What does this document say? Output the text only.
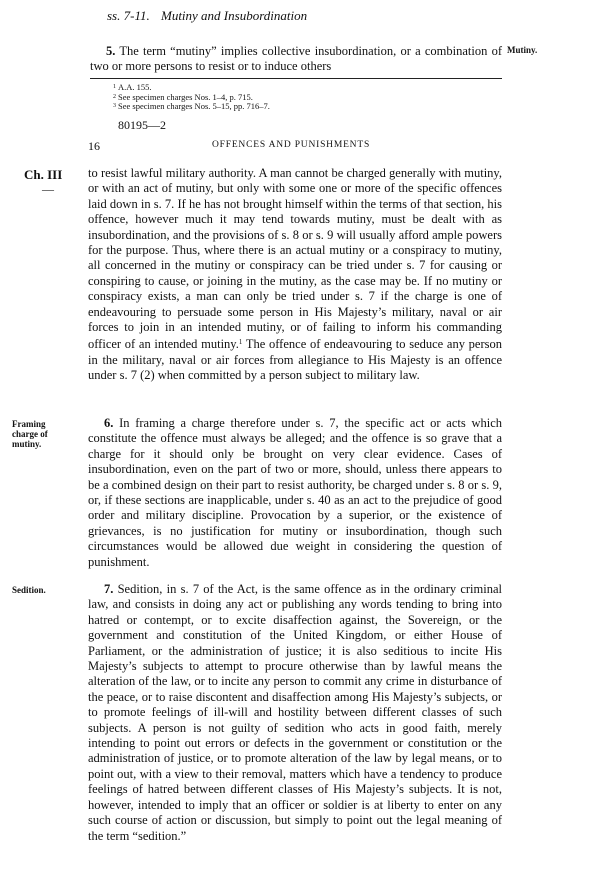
ss. 7-11. Mutiny and Insubordination

5. The term “mutiny” implies collective insubordination, or a combination of two or more persons to resist or to induce others

Mutiny.
$^1$ A.A. 155.
$^2$ See specimen charges Nos. 1–4, p. 715.
$^3$ See specimen charges Nos. 5–15, pp. 716–7.
80195—2
16	OFFENCES AND PUNISHMENTS
Ch. III
—

to resist lawful military authority. A man cannot be charged generally with mutiny, or with an act of mutiny, but only with some one or more of the specific offences laid down in s. 7. If he has not brought himself within the terms of that section, his offence, however much it may tend towards mutiny, must be dealt with as insubordination, and the provisions of s. 8 or s. 9 will usually afford ample powers for the purpose. Thus, where there is an actual mutiny or a conspiracy to mutiny, all concerned in the mutiny or conspiracy can be tried under s. 7 for causing or conspiring to cause, or joining in the mutiny, as the case may be. If no mutiny or conspiracy exists, a man can only be tried under s. 7 if the charge is one of endeavouring to persuade some person in His Majesty’s military, naval or air forces to join in an intended mutiny, or of failing to inform his commanding officer of an intended mutiny.$^1$ The offence of endeavouring to seduce any person in the military, naval or air forces from allegiance to His Majesty is an offence under s. 7 (2) when committed by a person subject to military law.

Framing charge of mutiny.

6. In framing a charge therefore under s. 7, the specific act or acts which constitute the offence must always be alleged; and the offence is so grave that a charge for it should only be brought on very clear evidence. Cases of insubordination, even on the part of two or more, should, unless there appears to be a combined design on their part to resist authority, be charged under s. 8 or s. 9, or, if these sections are inapplicable, under s. 40 as an act to the prejudice of good order and military discipline. Provocation by a superior, or the existence of grievances, is no justification for mutiny or insubordination, though such circumstances would be allowed due weight in considering the question of punishment.

Sedition.	7. Sedition, in s. 7 of the Act, is the same offence as in the ordinary criminal law, and consists in doing any act or publishing any words tending to bring into hatred or contempt, or to excite disaffection against, the Sovereign, or the government and constitution of the United Kingdom, or either House of Parliament, or the administration of justice; it is also seditious to incite His Majesty’s subjects to attempt to procure otherwise than by lawful means the alteration of the law, or to incite any person to commit any crime in disturbance of the peace, or to raise discontent and disaffection among His Majesty’s subjects, or to promote feelings of ill-will and hostility between different classes of such subjects. A person is not guilty of sedition who acts in good faith, merely intending to point out errors or defects in the government or constitution or the administration of justice, or to promote alteration of the law by legal means, or to point out, with a view to their removal, matters which have a tendency to produce feelings of hatred between different classes of His Majesty’s subjects. It is not, however, intended to imply that an officer or soldier is at liberty to enter on any such course of action or discussion, but simply to point out the legal meaning of the term “sedition.”
